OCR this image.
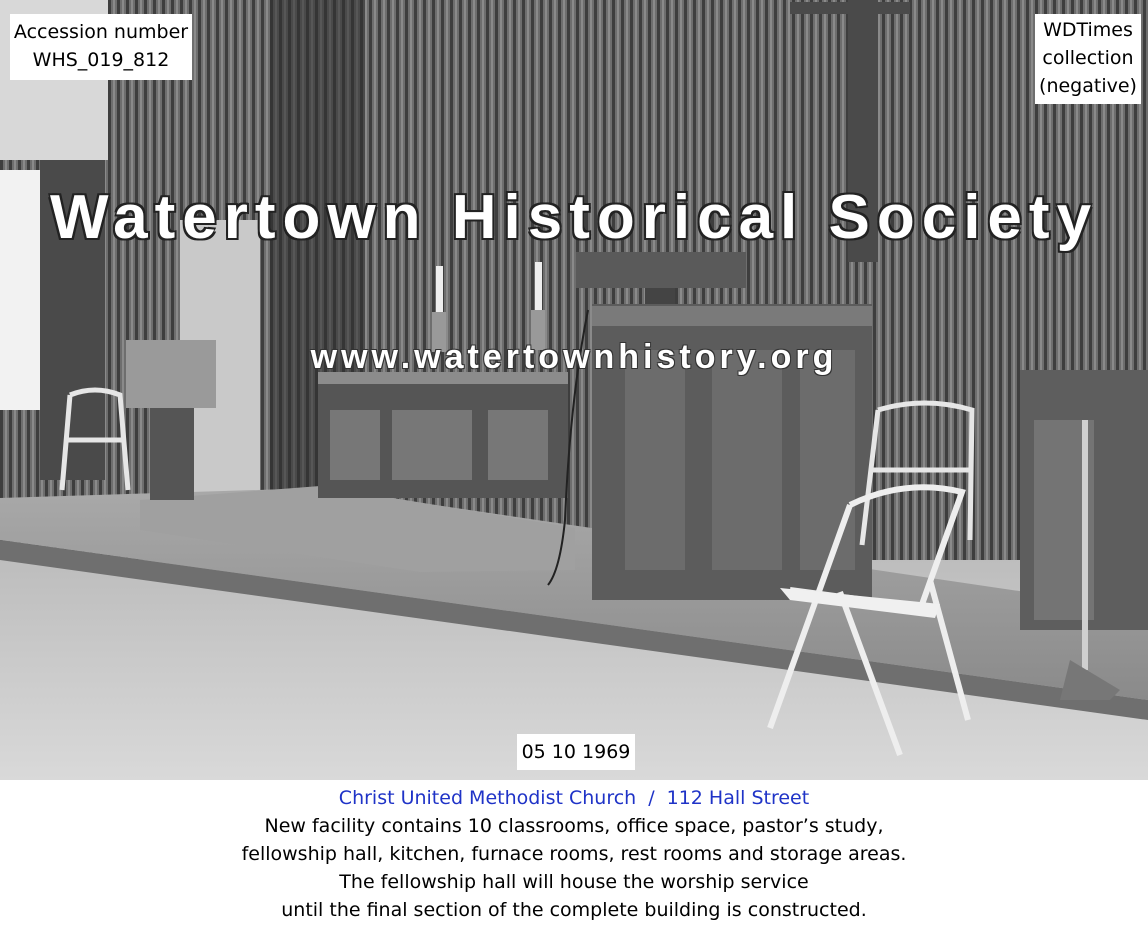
Accession number
WHS_019_812
WDTimes
collection
(negative)
Watertown Historical Society
www.watertownhistory.org
05 10 1969
Christ United Methodist Church / 112 Hall Street
New facility contains 10 classrooms, office space, pastor’s study,
fellowship hall, kitchen, furnace rooms, rest rooms and storage areas.
The fellowship hall will house the worship service
until the final section of the complete building is constructed.
